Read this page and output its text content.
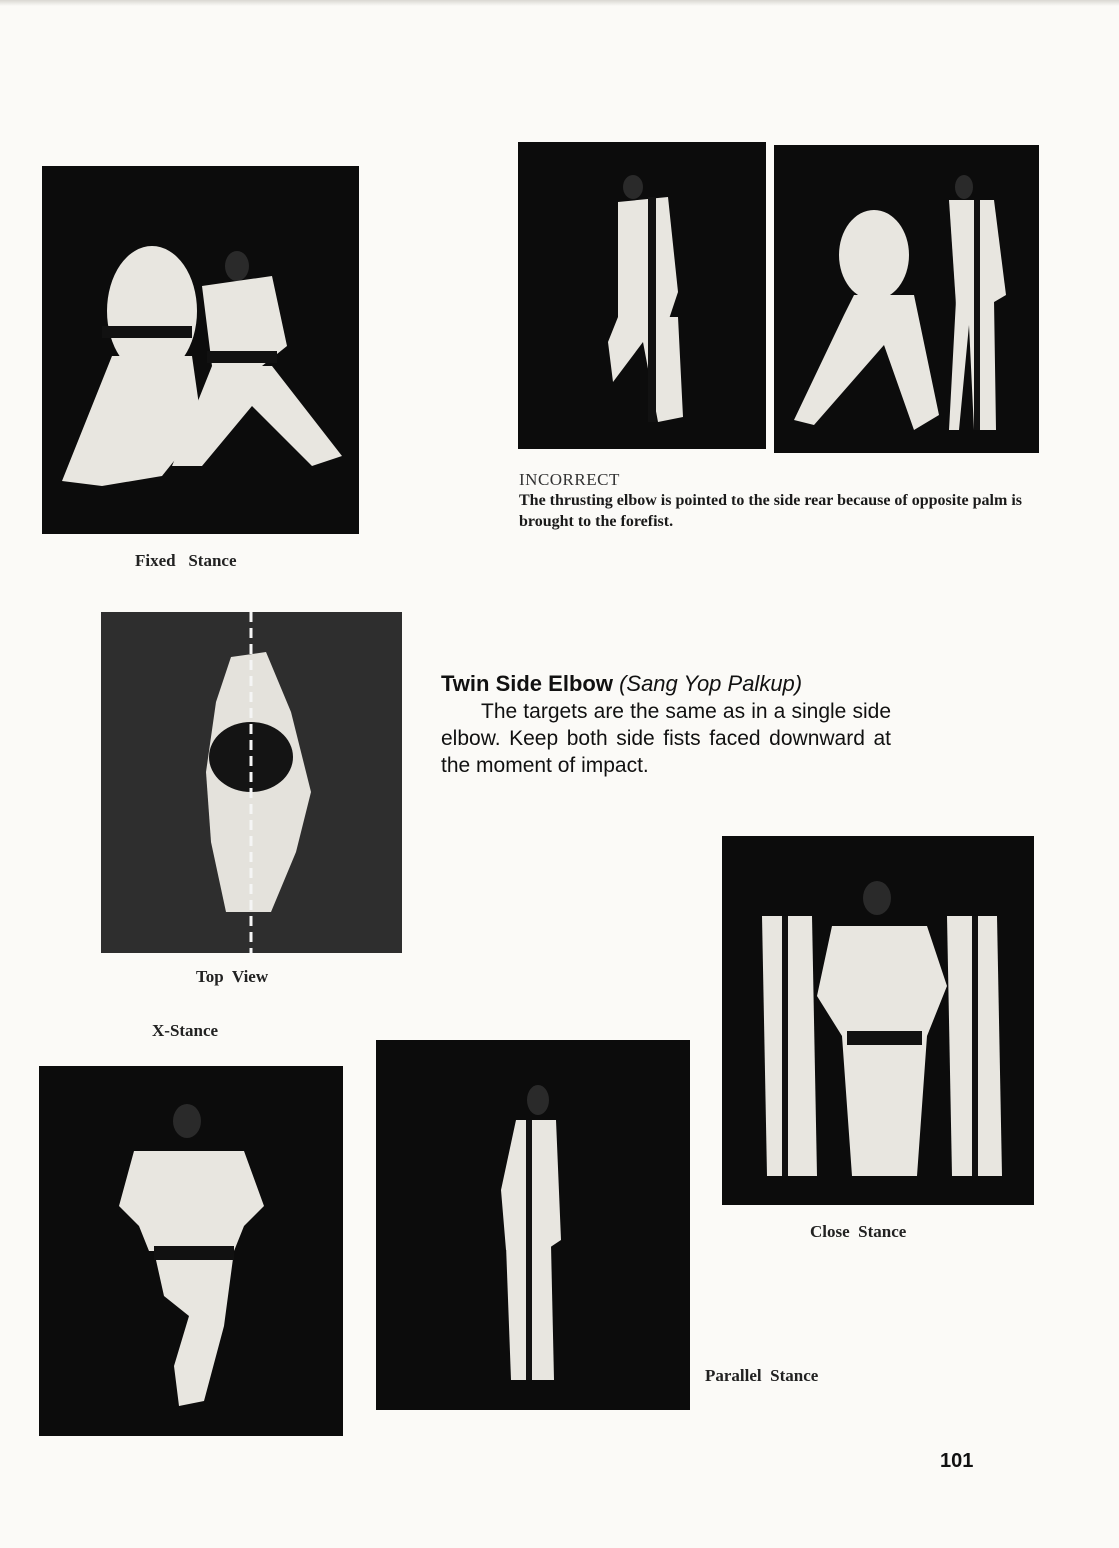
Fixed   Stance
INCORRECT
The thrusting elbow is pointed to the side rear because of opposite palm is brought to the forefist.
Top  View
X-Stance
Twin Side Elbow (Sang Yop Palkup)
The targets are the same as in a single side elbow. Keep both side fists faced downward at the moment of impact.
Close  Stance
Parallel  Stance
101
